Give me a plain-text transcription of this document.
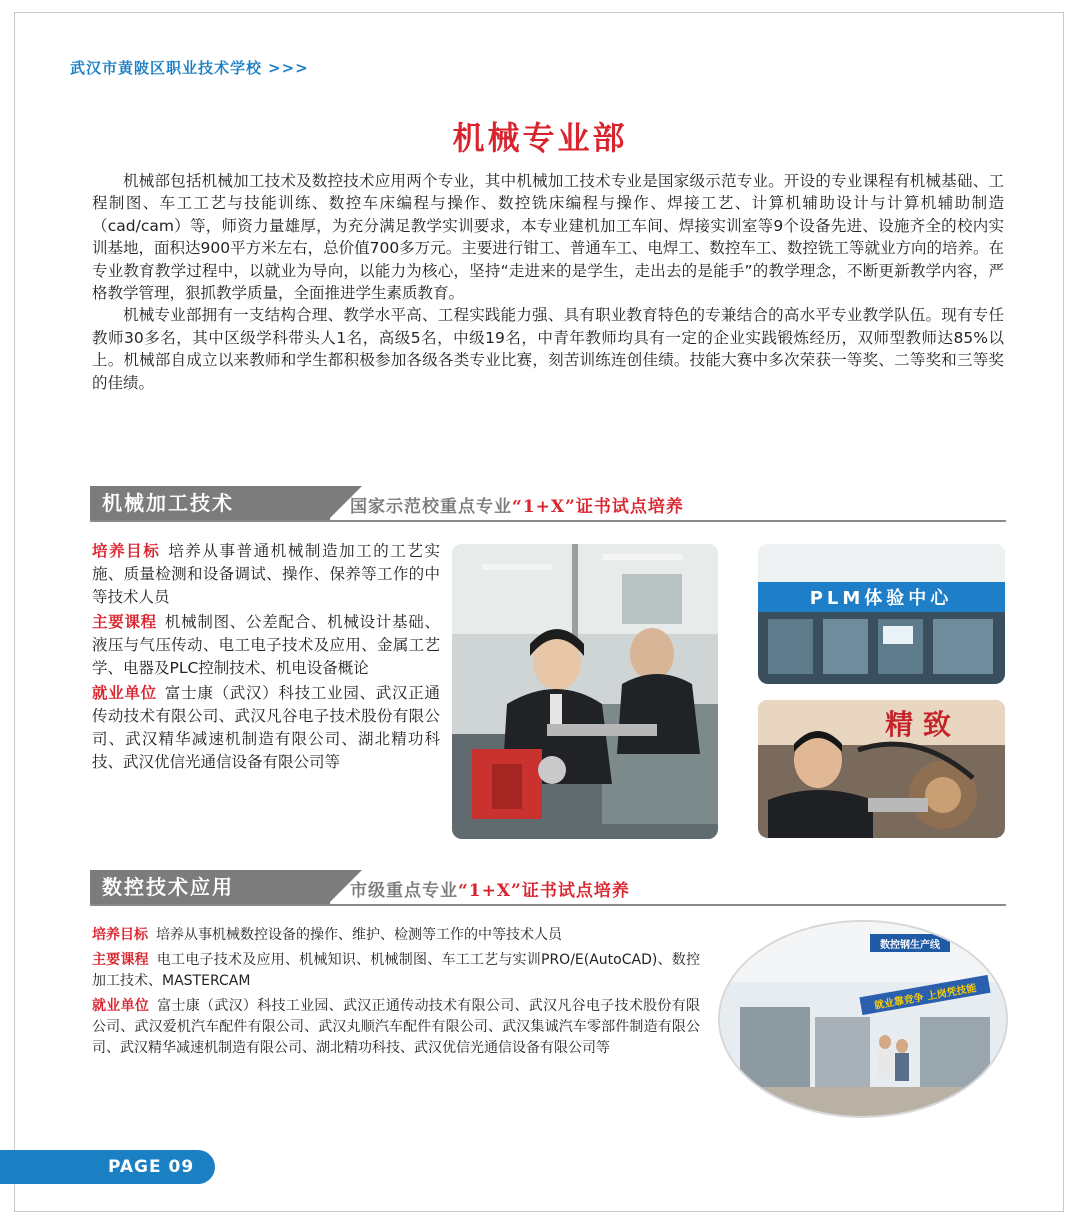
武汉市黄陂区职业技术学校 >>>
机械专业部

机械部包括机械加工技术及数控技术应用两个专业，其中机械加工技术专业是国家级示范专业。开设的专业课程有机械基础、工程制图、车工工艺与技能训练、数控车床编程与操作、数控铣床编程与操作、焊接工艺、计算机辅助设计与计算机辅助制造（cad/cam）等，师资力量雄厚，为充分满足教学实训要求，本专业建机加工车间、焊接实训室等9个设备先进、设施齐全的校内实训基地，面积达900平方米左右，总价值700多万元。主要进行钳工、普通车工、电焊工、数控车工、数控铣工等就业方向的培养。在专业教育教学过程中，以就业为导向，以能力为核心，坚持“走进来的是学生，走出去的是能手”的教学理念，不断更新教学内容，严格教学管理，狠抓教学质量，全面推进学生素质教育。

机械专业部拥有一支结构合理、教学水平高、工程实践能力强、具有职业教育特色的专兼结合的高水平专业教学队伍。现有专任教师30多名，其中区级学科带头人1名，高级5名，中级19名，中青年教师均具有一定的企业实践锻炼经历，双师型教师达85%以上。机械部自成立以来教师和学生都积极参加各级各类专业比赛，刻苦训练连创佳绩。技能大赛中多次荣获一等奖、二等奖和三等奖的佳绩。

机械加工技术	国家示范校重点专业“1+X”证书试点培养

培养目标 培养从事普通机械制造加工的工艺实施、质量检测和设备调试、操作、保养等工作的中等技术人员

主要课程 机械制图、公差配合、机械设计基础、液压与气压传动、电工电子技术及应用、金属工艺学、电器及PLC控制技术、机电设备概论

就业单位 富士康（武汉）科技工业园、武汉正通传动技术有限公司、武汉凡谷电子技术股份有限公司、武汉精华减速机制造有限公司、湖北精功科技、武汉优信光通信设备有限公司等

PLM体验中心
精 致
数控技术应用	市级重点专业“1+X”证书试点培养

培养目标 培养从事机械数控设备的操作、维护、检测等工作的中等技术人员

主要课程 电工电子技术及应用、机械知识、机械制图、车工工艺与实训PRO/E(AutoCAD)、数控加工技术、MASTERCAM

就业单位 富士康（武汉）科技工业园、武汉正通传动技术有限公司、武汉凡谷电子技术股份有限公司、武汉爱机汽车配件有限公司、武汉丸顺汽车配件有限公司、武汉集诚汽车零部件制造有限公司、武汉精华减速机制造有限公司、湖北精功科技、武汉优信光通信设备有限公司等

数控钢生产线
就业靠竞争 上岗凭技能
PAGE 09
